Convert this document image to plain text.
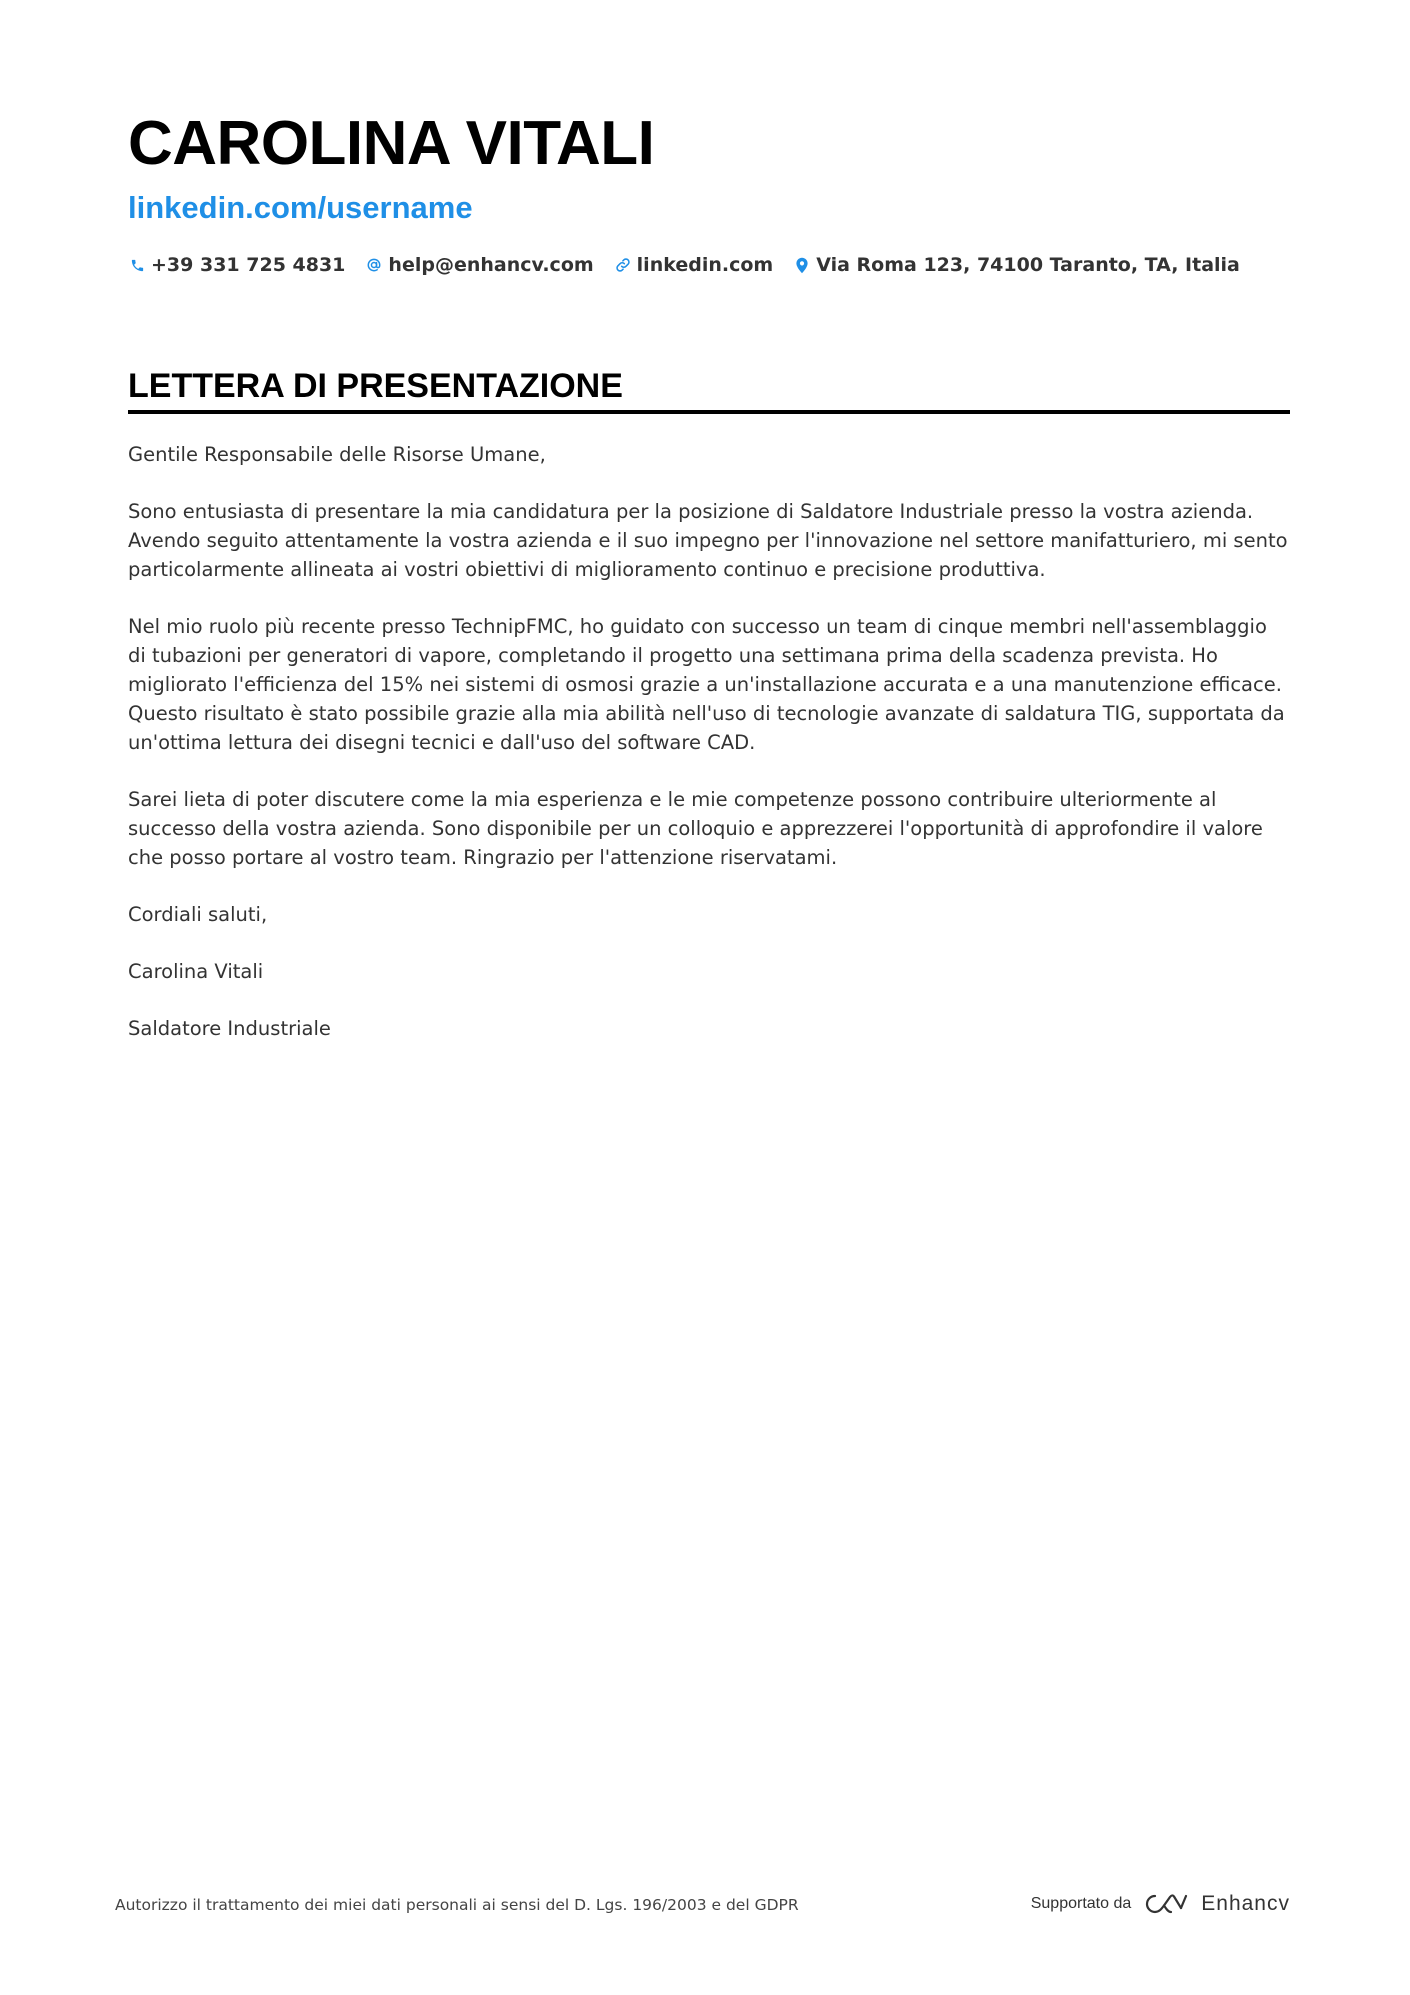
CAROLINA VITALI
linkedin.com/username
+39 331 725 4831 help@enhancv.com linkedin.com Via Roma 123, 74100 Taranto, TA, Italia
LETTERA DI PRESENTAZIONE

Gentile Responsabile delle Risorse Umane,

Sono entusiasta di presentare la mia candidatura per la posizione di Saldatore Industriale presso la vostra azienda. Avendo seguito attentamente la vostra azienda e il suo impegno per l'innovazione nel settore manifatturiero, mi sento particolarmente allineata ai vostri obiettivi di miglioramento continuo e precisione produttiva.

Nel mio ruolo più recente presso TechnipFMC, ho guidato con successo un team di cinque membri nell'assemblaggio di tubazioni per generatori di vapore, completando il progetto una settimana prima della scadenza prevista. Ho migliorato l'efficienza del 15% nei sistemi di osmosi grazie a un'installazione accurata e a una manutenzione efficace. Questo risultato è stato possibile grazie alla mia abilità nell'uso di tecnologie avanzate di saldatura TIG, supportata da un'ottima lettura dei disegni tecnici e dall'uso del software CAD.

Sarei lieta di poter discutere come la mia esperienza e le mie competenze possono contribuire ulteriormente al successo della vostra azienda. Sono disponibile per un colloquio e apprezzerei l'opportunità di approfondire il valore che posso portare al vostro team. Ringrazio per l'attenzione riservatami.

Cordiali saluti,

Carolina Vitali

Saldatore Industriale

Autorizzo il trattamento dei miei dati personali ai sensi del D. Lgs. 196/2003 e del GDPR	Supportato da	Enhancv
